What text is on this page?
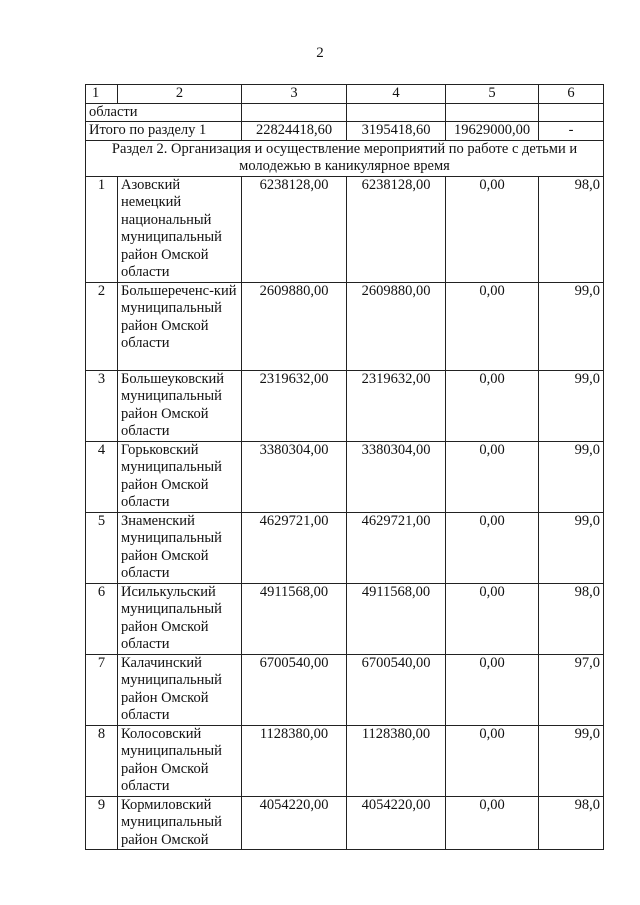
2
1	2	3	4	5	6
области					
Итого по разделу 1		22824418,60	3195418,60	19629000,00	-
Раздел 2. Организация и осуществление мероприятий по работе с детьми и молодежью в каникулярное время					
1	Азовский немецкий национальный муниципальный район Омской области	6238128,00	6238128,00	0,00	98,0
2	Большереченс-кий муниципальный район Омской области	2609880,00	2609880,00	0,00	99,0
3	Большеуковский муниципальный район Омской области	2319632,00	2319632,00	0,00	99,0
4	Горьковский муниципальный район Омской области	3380304,00	3380304,00	0,00	99,0
5	Знаменский муниципальный район Омской области	4629721,00	4629721,00	0,00	99,0
6	Исилькульский муниципальный район Омской области	4911568,00	4911568,00	0,00	98,0
7	Калачинский муниципальный район Омской области	6700540,00	6700540,00	0,00	97,0
8	Колосовский муниципальный район Омской области	1128380,00	1128380,00	0,00	99,0
9	Кормиловский муниципальный район Омской	4054220,00	4054220,00	0,00	98,0
